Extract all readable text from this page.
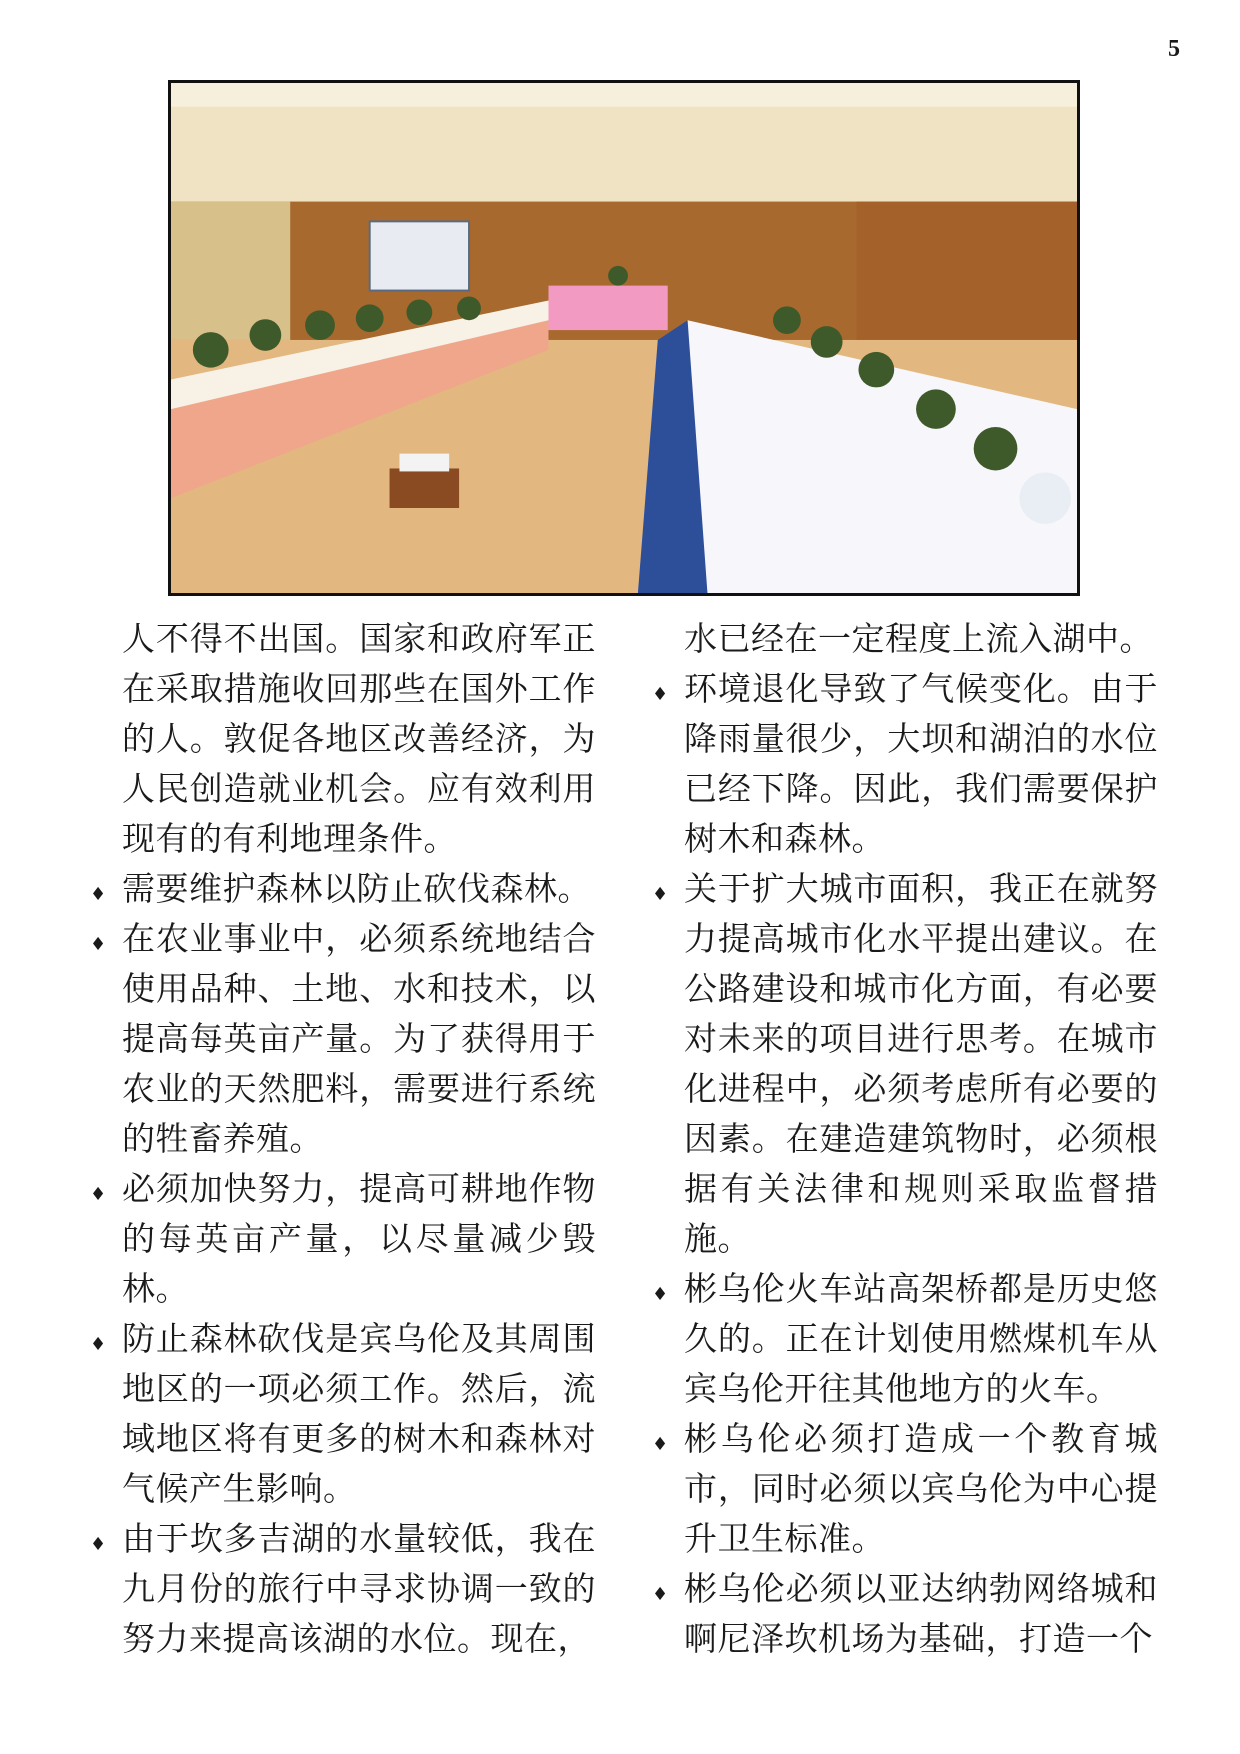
5
人不得不出国。国家和政府军正在采取措施收回那些在国外工作的人。敦促各地区改善经济，为人民创造就业机会。应有效利用现有的有利地理条件。
♦ 需要维护森林以防止砍伐森林。
♦ 在农业事业中，必须系统地结合使用品种、土地、水和技术，以提高每英亩产量。为了获得用于农业的天然肥料，需要进行系统的牲畜养殖。
♦ 必须加快努力，提高可耕地作物的每英亩产量，以尽量减少毁林。
♦ 防止森林砍伐是宾乌伦及其周围地区的一项必须工作。然后，流域地区将有更多的树木和森林对气候产生影响。
♦ 由于坎多吉湖的水量较低，我在九月份的旅行中寻求协调一致的努力来提高该湖的水位。现在，
水已经在一定程度上流入湖中。
♦ 环境退化导致了气候变化。由于降雨量很少，大坝和湖泊的水位已经下降。因此，我们需要保护树木和森林。
♦ 关于扩大城市面积，我正在就努力提高城市化水平提出建议。在公路建设和城市化方面，有必要对未来的项目进行思考。在城市化进程中，必须考虑所有必要的因素。在建造建筑物时，必须根据有关法律和规则采取监督措施。
♦ 彬乌伦火车站高架桥都是历史悠久的。正在计划使用燃煤机车从宾乌伦开往其他地方的火车。
♦ 彬乌伦必须打造成一个教育城市，同时必须以宾乌伦为中心提升卫生标准。
♦ 彬乌伦必须以亚达纳勃网络城和啊尼泽坎机场为基础，打造一个
